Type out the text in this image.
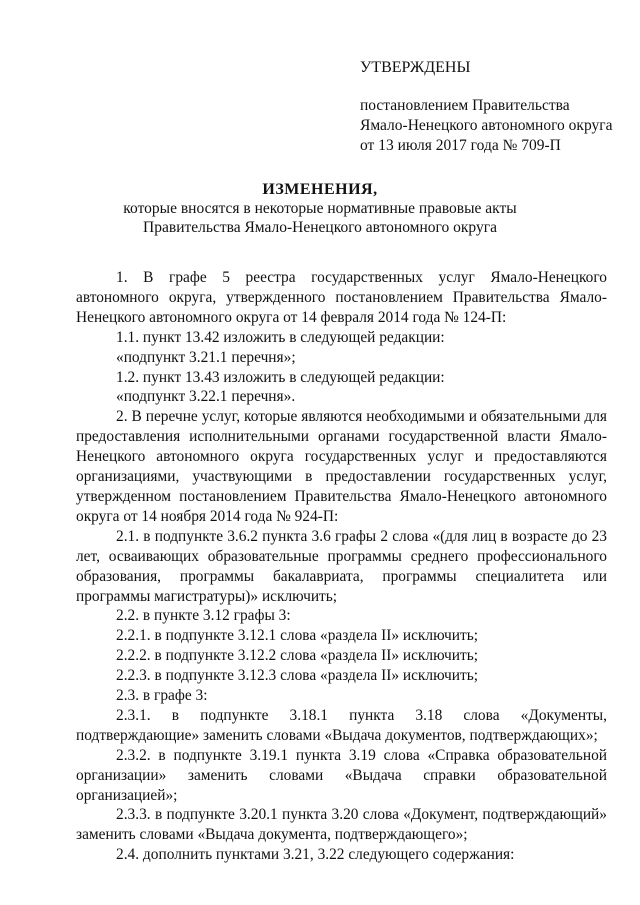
УТВЕРЖДЕНЫ
постановлением Правительства
Ямало-Ненецкого автономного округа
от 13 июля 2017 года № 709-П
ИЗМЕНЕНИЯ,
которые вносятся в некоторые нормативные правовые акты
Правительства Ямало-Ненецкого автономного округа

1. В графе 5 реестра государственных услуг Ямало-Ненецкого автономного округа, утвержденного постановлением Правительства Ямало-Ненецкого автономного округа от 14 февраля 2014 года № 124-П:

1.1. пункт 13.42 изложить в следующей редакции:

«подпункт 3.21.1 перечня»;

1.2. пункт 13.43 изложить в следующей редакции:

«подпункт 3.22.1 перечня».

2. В перечне услуг, которые являются необходимыми и обязательными для предоставления исполнительными органами государственной власти Ямало-Ненецкого автономного округа государственных услуг и предоставляются организациями, участвующими в предоставлении государственных услуг, утвержденном постановлением Правительства Ямало-Ненецкого автономного округа от 14 ноября 2014 года № 924-П:

2.1. в подпункте 3.6.2 пункта 3.6 графы 2 слова «(для лиц в возрасте до 23 лет, осваивающих образовательные программы среднего профессионального образования, программы бакалавриата, программы специалитета или программы магистратуры)» исключить;

2.2. в пункте 3.12 графы 3:

2.2.1. в подпункте 3.12.1 слова «раздела II» исключить;

2.2.2. в подпункте 3.12.2 слова «раздела II» исключить;

2.2.3. в подпункте 3.12.3 слова «раздела II» исключить;

2.3. в графе 3:

2.3.1. в подпункте 3.18.1 пункта 3.18 слова «Документы, подтверждающие» заменить словами «Выдача документов, подтверждающих»;

2.3.2. в подпункте 3.19.1 пункта 3.19 слова «Справка образовательной организации» заменить словами «Выдача справки образовательной организацией»;

2.3.3. в подпункте 3.20.1 пункта 3.20 слова «Документ, подтверждающий» заменить словами «Выдача документа, подтверждающего»;

2.4. дополнить пунктами 3.21, 3.22 следующего содержания:
